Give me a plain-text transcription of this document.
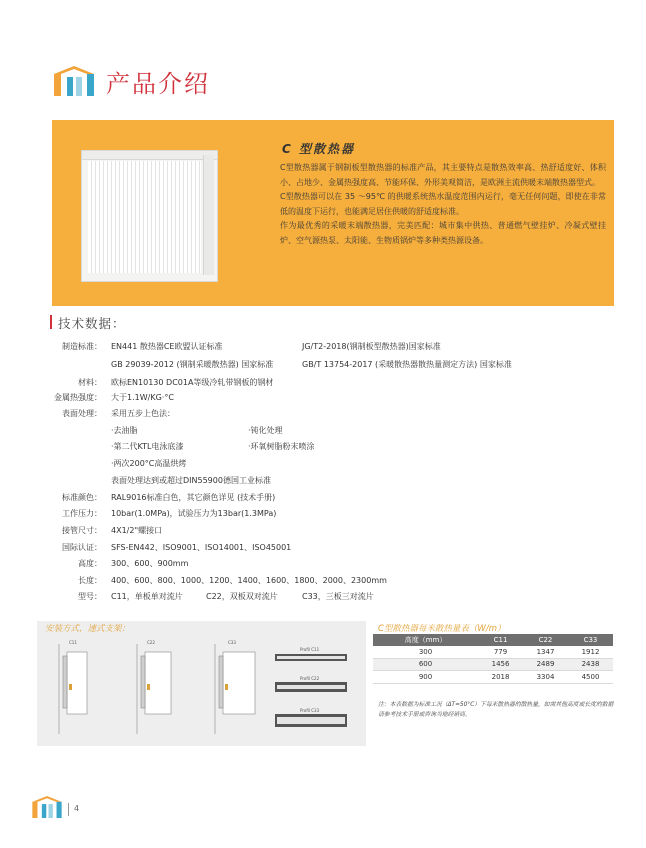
产品介绍
C 型散热器

C型散热器属于钢制板型散热器的标准产品，其主要特点是散热效率高、热舒适度好、体积小、占地少、金属热强度高、节能环保、外形美观简洁，是欧洲主流供暖末端散热器型式。

C型散热器可以在 35 ～95℃ 的供暖系统热水温度范围内运行，毫无任何问题，即使在非常低的温度下运行，也能满足居住供暖的舒适度标准。

作为最优秀的采暖末端散热器，完美匹配：城市集中供热、普通燃气壁挂炉、冷凝式壁挂炉、空气源热泵、太阳能、生物质锅炉等多种类热源设备。

技术数据：
制造标准： EN441 散热器CE欧盟认证标准	JG/T2-2018(钢制板型散热器)国家标准
GB 29039-2012 (钢制采暖散热器) 国家标准	GB/T 13754-2017 (采暖散热器散热量测定方法) 国家标准
材料： 欧标EN10130 DC01A等级冷轧带钢板的钢材
金属热强度： 大于1.1W/KG·°C
表面处理： 采用五步上色法：
·去油脂	·钝化处理
·第二代KTL电泳底漆	·环氧树脂粉末喷涂
·两次200°C高温烘烤
表面处理达到或超过DIN55900德国工业标准
标准颜色： RAL9016标准白色，其它颜色详见 (技术手册)
工作压力： 10bar(1.0MPa)，试验压力为13bar(1.3MPa)
接管尺寸： 4X1/2"螺接口
国际认证： SFS-EN442、ISO9001、ISO14001、ISO45001
高度： 300、600、900mm
长度： 400、600、800、1000、1200、1400、1600、1800、2000、2300mm
型号： C11，单板单对流片	C22，双板双对流片	C33，三板三对流片
安装方式，速式支架：
C11	C22	C33
Profil C11
Profil C22
Profil C33
C型散热器每米散热量表（W/m）
高度（mm）	C11	C22	C33
300	779	1347	1912
600	1456	2489	2438
900	2018	3304	4500
注：本表数据为标准工况（ΔT=50°C）下每米散热器的散热量，如需其他高度或长度的数据请参考技术手册或咨询当地经销商。
4
